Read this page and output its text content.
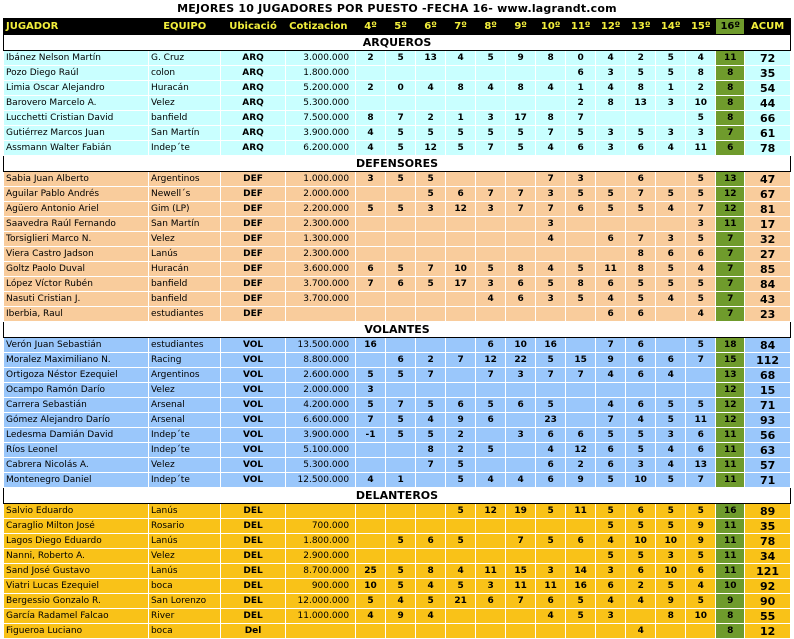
MEJORES 10 JUGADORES POR PUESTO -FECHA 16- www.lagrandt.com
JUGADOR	EQUIPO	Ubicació	Cotizacion	4º	5º	6º	7º	8º	9º	10º	11º	12º	13º	14º	15º	16º	ACUM
ARQUEROS																	
Ibánez Nelson Martín	G. Cruz	ARQ	3.000.000	2	5	13	4	5	9	8	0	4	2	5	4	11	72
Pozo Diego Raúl	colon	ARQ	1.800.000								6	3	5	5	8	8	35
Limia Oscar Alejandro	Huracán	ARQ	5.200.000	2	0	4	8	4	8	4	1	4	8	1	2	8	54
Barovero Marcelo A.	Velez	ARQ	5.300.000								2	8	13	3	10	8	44
Lucchetti Cristian David	banfield	ARQ	7.500.000	8	7	2	1	3	17	8	7				5	8	66
Gutiérrez Marcos Juan	San Martín	ARQ	3.900.000	4	5	5	5	5	5	7	5	3	5	3	3	7	61
Assmann Walter Fabián	Indep´te	ARQ	6.200.000	4	5	12	5	7	5	4	6	3	6	4	11	6	78
DEFENSORES																	
Sabia Juan Alberto	Argentinos	DEF	1.000.000	3	5	5				7	3		6		5	13	47
Aguilar Pablo Andrés	Newell´s	DEF	2.000.000			5	6	7	7	3	5	5	7	5	5	12	67
Agüero Antonio Ariel	Gim (LP)	DEF	2.200.000	5	5	3	12	3	7	7	6	5	5	4	7	12	81
Saavedra Raúl Fernando	San Martín	DEF	2.300.000							3					3	11	17
Torsiglieri Marco N.	Velez	DEF	1.300.000							4		6	7	3	5	7	32
Viera Castro Jadson	Lanús	DEF	2.300.000										8	6	6	7	27
Goltz Paolo Duval	Huracán	DEF	3.600.000	6	5	7	10	5	8	4	5	11	8	5	4	7	85
López Víctor Rubén	banfield	DEF	3.700.000	7	6	5	17	3	6	5	8	6	5	5	5	7	84
Nasuti Cristian J.	banfield	DEF	3.700.000					4	6	3	5	4	5	4	5	7	43
Iberbia, Raul	estudiantes	DEF										6	6		4	7	23
VOLANTES																	
Verón Juan Sebastián	estudiantes	VOL	13.500.000	16				6	10	16		7	6		5	18	84
Moralez Maximiliano N.	Racing	VOL	8.800.000		6	2	7	12	22	5	15	9	6	6	7	15	112
Ortigoza Néstor Ezequiel	Argentinos	VOL	2.600.000	5	5	7		7	3	7	7	4	6	4		13	68
Ocampo Ramón Darío	Velez	VOL	2.000.000	3												12	15
Carrera Sebastián	Arsenal	VOL	4.200.000	5	7	5	6	5	6	5		4	6	5	5	12	71
Gómez Alejandro Darío	Arsenal	VOL	6.600.000	7	5	4	9	6		23		7	4	5	11	12	93
Ledesma Damián David	Indep´te	VOL	3.900.000	-1	5	5	2		3	6	6	5	5	3	6	11	56
Ríos Leonel	Indep´te	VOL	5.100.000			8	2	5		4	12	6	5	4	6	11	63
Cabrera Nicolás A.	Velez	VOL	5.300.000			7	5			6	2	6	3	4	13	11	57
Montenegro Daniel	Indep´te	VOL	12.500.000	4	1		5	4	4	6	9	5	10	5	7	11	71
DELANTEROS																	
Salvio Eduardo	Lanús	DEL					5	12	19	5	11	5	6	5	5	16	89
Caraglio Milton José	Rosario	DEL	700.000									5	5	5	9	11	35
Lagos Diego Eduardo	Lanús	DEL	1.800.000		5	6	5		7	5	6	4	10	10	9	11	78
Nanni, Roberto A.	Velez	DEL	2.900.000									5	5	3	5	11	34
Sand José Gustavo	Lanús	DEL	8.700.000	25	5	8	4	11	15	3	14	3	6	10	6	11	121
Viatri Lucas Ezequiel	boca	DEL	900.000	10	5	4	5	3	11	11	16	6	2	5	4	10	92
Bergessio Gonzalo R.	San Lorenzo	DEL	12.000.000	5	4	5	21	6	7	6	5	4	4	9	5	9	90
García Radamel Falcao	River	DEL	11.000.000	4	9	4				4	5	3		8	10	8	55
Figueroa Luciano	boca	Del											4			8	12
